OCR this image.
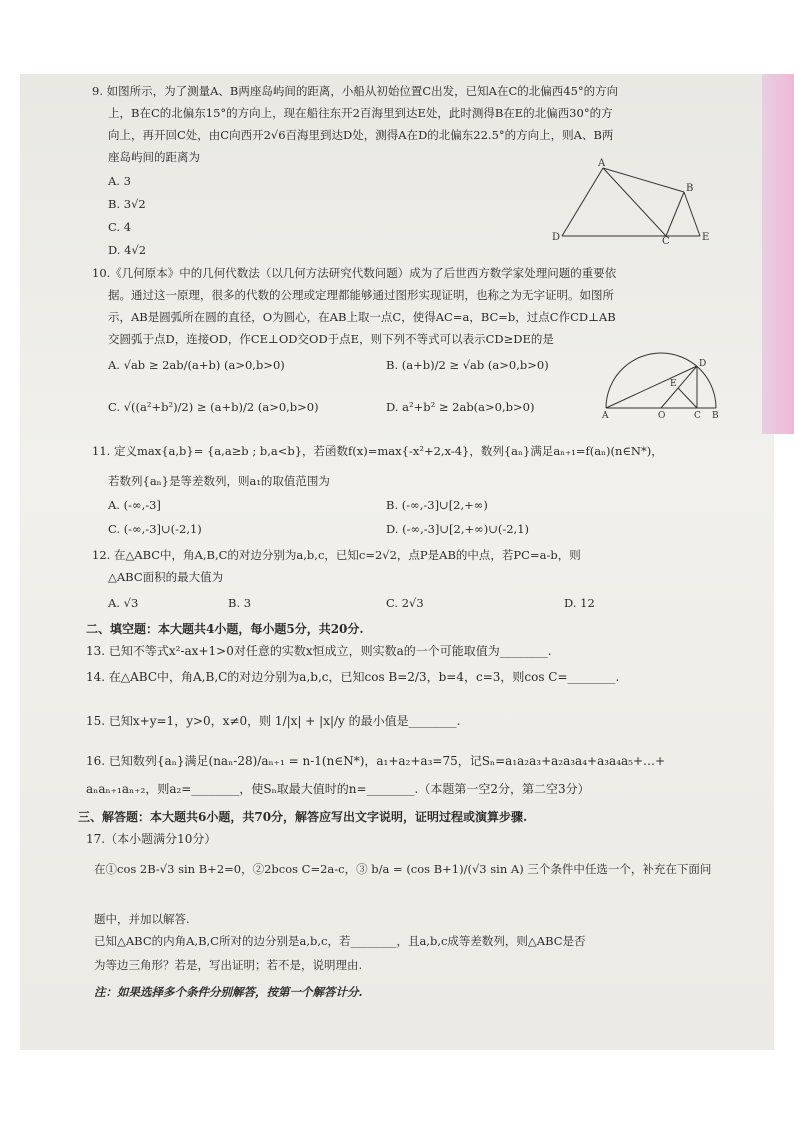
9. 如图所示，为了测量A、B两座岛屿间的距离，小船从初始位置C出发，已知A在C的北偏西45°的方向
上，B在C的北偏东15°的方向上，现在船往东开2百海里到达E处，此时测得B在E的北偏西30°的方
向上，再开回C处，由C向西开2√6百海里到达D处，测得A在D的北偏东22.5°的方向上，则A、B两
座岛屿间的距离为
A. 3
B. 3√2
C. 4
D. 4√2
A
B
C
D	E
10.《几何原本》中的几何代数法（以几何方法研究代数问题）成为了后世西方数学家处理问题的重要依
据。通过这一原理，很多的代数的公理或定理都能够通过图形实现证明，也称之为无字证明。如图所
示，AB是圆弧所在圆的直径，O为圆心，在AB上取一点C，使得AC=a，BC=b，过点C作CD⊥AB
交圆弧于点D，连接OD，作CE⊥OD交OD于点E，则下列不等式可以表示CD≥DE的是
A. √ab ≥ 2ab/(a+b) (a>0,b>0)	B. (a+b)/2 ≥ √ab (a>0,b>0)
C. √((a²+b²)/2) ≥ (a+b)/2 (a>0,b>0)	D. a²+b² ≥ 2ab(a>0,b>0)
A	O	C B
D
E
11. 定义max{a,b}= {a,a≥b ; b,a<b}，若函数f(x)=max{-x²+2,x-4}，数列{aₙ}满足aₙ₊₁=f(aₙ)(n∈N*)，
若数列{aₙ}是等差数列，则a₁的取值范围为
A. (-∞,-3]	B. (-∞,-3]∪[2,+∞)
C. (-∞,-3]∪(-2,1)	D. (-∞,-3]∪[2,+∞)∪(-2,1)
12. 在△ABC中，角A,B,C的对边分别为a,b,c，已知c=2√2，点P是AB的中点，若PC=a-b，则
△ABC面积的最大值为
A. √3	B. 3	C. 2√3	D. 12
二、填空题：本大题共4小题，每小题5分，共20分.
13. 已知不等式x²-ax+1>0对任意的实数x恒成立，则实数a的一个可能取值为________.
14. 在△ABC中，角A,B,C的对边分别为a,b,c，已知cos B=2/3，b=4，c=3，则cos C=________.
15. 已知x+y=1，y>0，x≠0，则 1/|x| + |x|/y 的最小值是________.
16. 已知数列{aₙ}满足(naₙ-28)/aₙ₊₁ = n-1(n∈N*)，a₁+a₂+a₃=75，记Sₙ=a₁a₂a₃+a₂a₃a₄+a₃a₄a₅+…+
aₙaₙ₊₁aₙ₊₂，则a₂=________，使Sₙ取最大值时的n=________.（本题第一空2分，第二空3分）
三、解答题：本大题共6小题，共70分，解答应写出文字说明，证明过程或演算步骤.
17.（本小题满分10分）
在①cos 2B-√3 sin B+2=0，②2bcos C=2a-c，③ b/a = (cos B+1)/(√3 sin A) 三个条件中任选一个，补充在下面问
题中，并加以解答.
已知△ABC的内角A,B,C所对的边分别是a,b,c，若________，且a,b,c成等差数列，则△ABC是否
为等边三角形？若是，写出证明；若不是，说明理由.
注：如果选择多个条件分别解答，按第一个解答计分.
